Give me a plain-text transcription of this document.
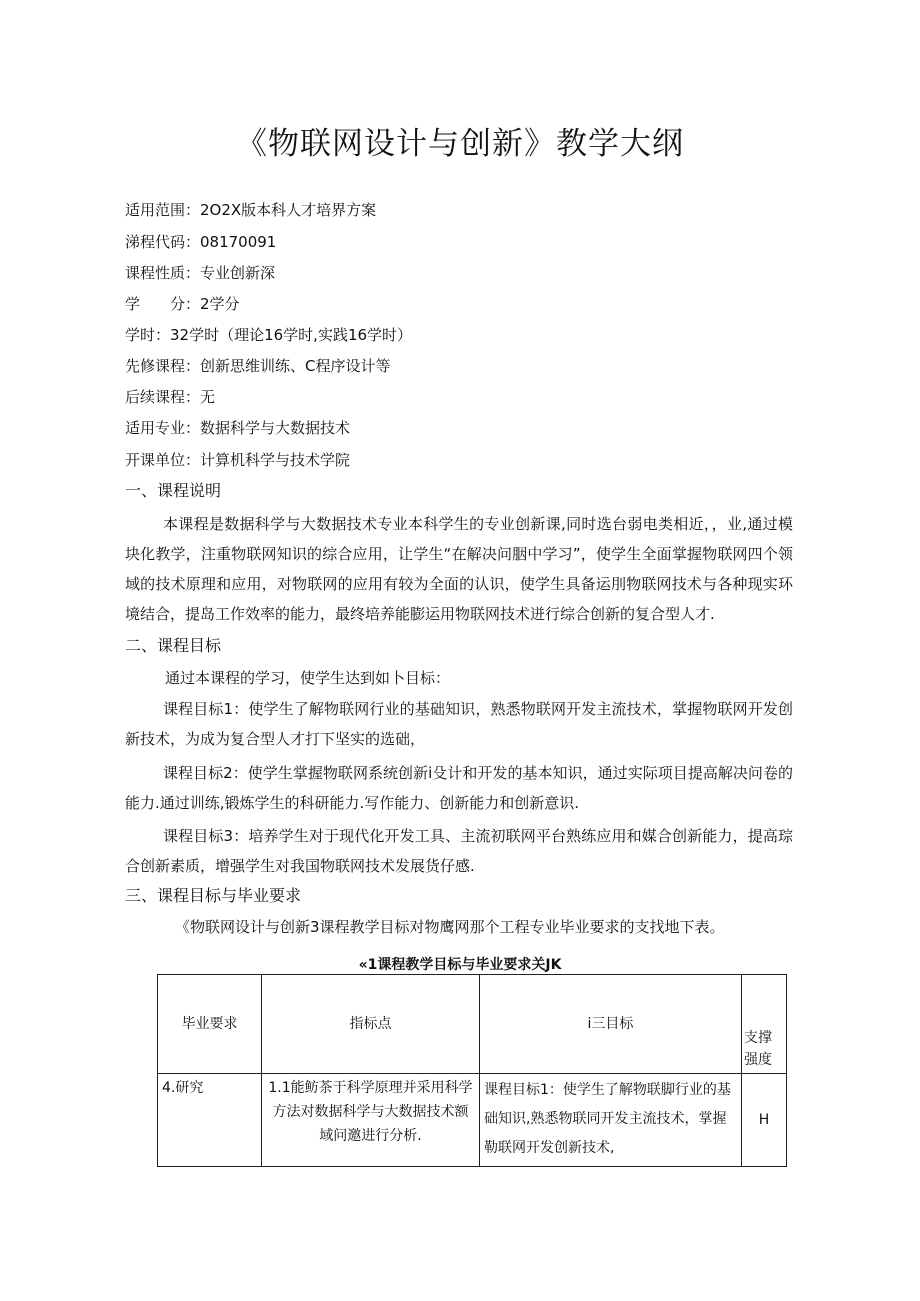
《物联网设计与创新》教学大纲
适用范围：2O2X版本科人才培界方案
涕程代码：08170091
课程性质：专业创新深
学　　分：2学分
学时：32学时（理论16学时,实践16学时）
先修课程：创新思维训练、C程序设计等
后续课程：无
适用专业：数据科学与大数据技术
开课单位：计算机科学与技术学院
一、课程说明
本课程是数据科学与大数据技术专业本科学生的专业创新课,同时选台弱电类相近，，业,通过模块化教学，注重物联网知识的综合应用，让学生“在解决问胭中学习”，使学生全面掌握物联网四个领域的技术原理和应用，对物联网的应用有较为全面的认识，使学生具备运刖物联网技术与各种现实环境结合，提岛工作效率的能力，最终培养能膨运用物联网技术迸行综合创新的复合型人才.
二、课程目标
通过本课程的学习，使学生达到如卜目标：
课程目标1：使学生了解物联网行业的基础知识，熟悉物联网开发主流技术，掌握物联网开发创新技术，为成为复合型人才打下坚实的选础，
课程目标2：使学生掌握物联网系统创新i殳计和开发的基本知识，通过实际项目提高解决问卷的能力.通过训练,锻炼学生的科研能力.写作能力、创新能力和创新意识.
课程目标3：培养学生对于现代化开发工具、主流初联网平台熟练应用和媒合创新能力，提高琮合创新素质，增强学生对我国物联网技术发展货仔感.
三、课程目标与毕业要求
《物联网设计与创新3课程教学目标对物鹰网那个工程专业毕业要求的支找地下表。
«1课程教学目标与毕业要求关JK
毕业要求	指标点	i三目标	支撑强度

4.研究	1.1能鲂茶于科学原理并采用科学方法对数据科学与大数据技术额域问邀进行分析.	课程目标1：使学生了解物联脚行业的基础知识,熟悉物联同开发主流技术，掌握勒联网开发创新技术,	H
